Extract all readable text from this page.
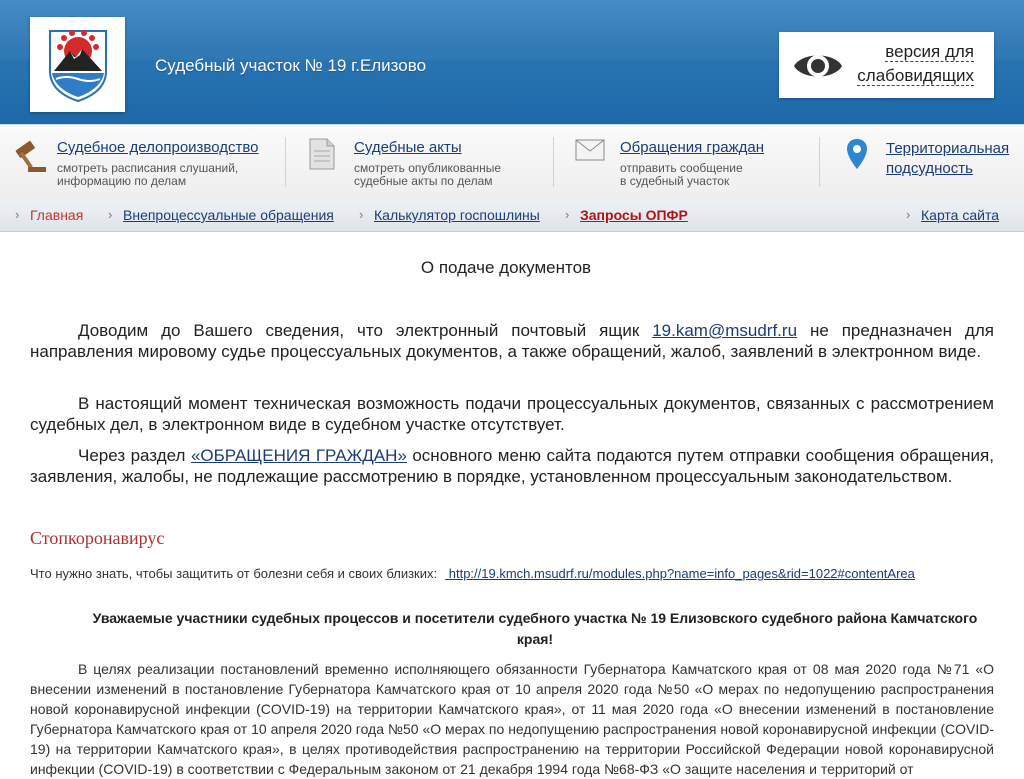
Судебный участок № 19 г.Елизово
версия для
слабовидящих
Судебное делопроизводство
смотреть расписания слушаний,
информацию по делам
Судебные акты
смотреть опубликованные
судебные акты по делам
Обращения граждан
отправить сообщение
в судебный участок
Территориальная
подсудность
› Главная › Внепроцессуальные обращения › Калькулятор госпошлины › Запросы ОПФР	› Карта сайта
О подаче документов
Доводим до Вашего сведения, что электронный почтовый ящик 19.kam@msudrf.ru не предназначен для направления мировому судье процессуальных документов, а также обращений, жалоб, заявлений в электронном виде.
В настоящий момент техническая возможность подачи процессуальных документов, связанных с рассмотрением судебных дел, в электронном виде в судебном участке отсутствует.
Через раздел «ОБРАЩЕНИЯ ГРАЖДАН» основного меню сайта подаются путем отправки сообщения обращения, заявления, жалобы, не подлежащие рассмотрению в порядке, установленном процессуальным законодательством.
Стопкоронавирус
Что нужно знать, чтобы защитить от болезни себя и своих близких: http://19.kmch.msudrf.ru/modules.php?name=info_pages&rid=1022#contentArea
Уважаемые участники судебных процессов и посетители судебного участка № 19 Елизовского судебного района Камчатского края!
В целях реализации постановлений временно исполняющего обязанности Губернатора Камчатского края от 08 мая 2020 года №71 «О внесении изменений в постановление Губернатора Камчатского края от 10 апреля 2020 года №50 «О мерах по недопущению распространения новой коронавирусной инфекции (COVID-19) на территории Камчатского края», от 11 мая 2020 года «О внесении изменений в постановление Губернатора Камчатского края от 10 апреля 2020 года №50 «О мерах по недопущению распространения новой коронавирусной инфекции (COVID-19) на территории Камчатского края», в целях противодействия распространению на территории Российской Федерации новой коронавирусной инфекции (COVID-19) в соответствии с Федеральным законом от 21 декабря 1994 года №68-ФЗ «О защите населения и территорий от
